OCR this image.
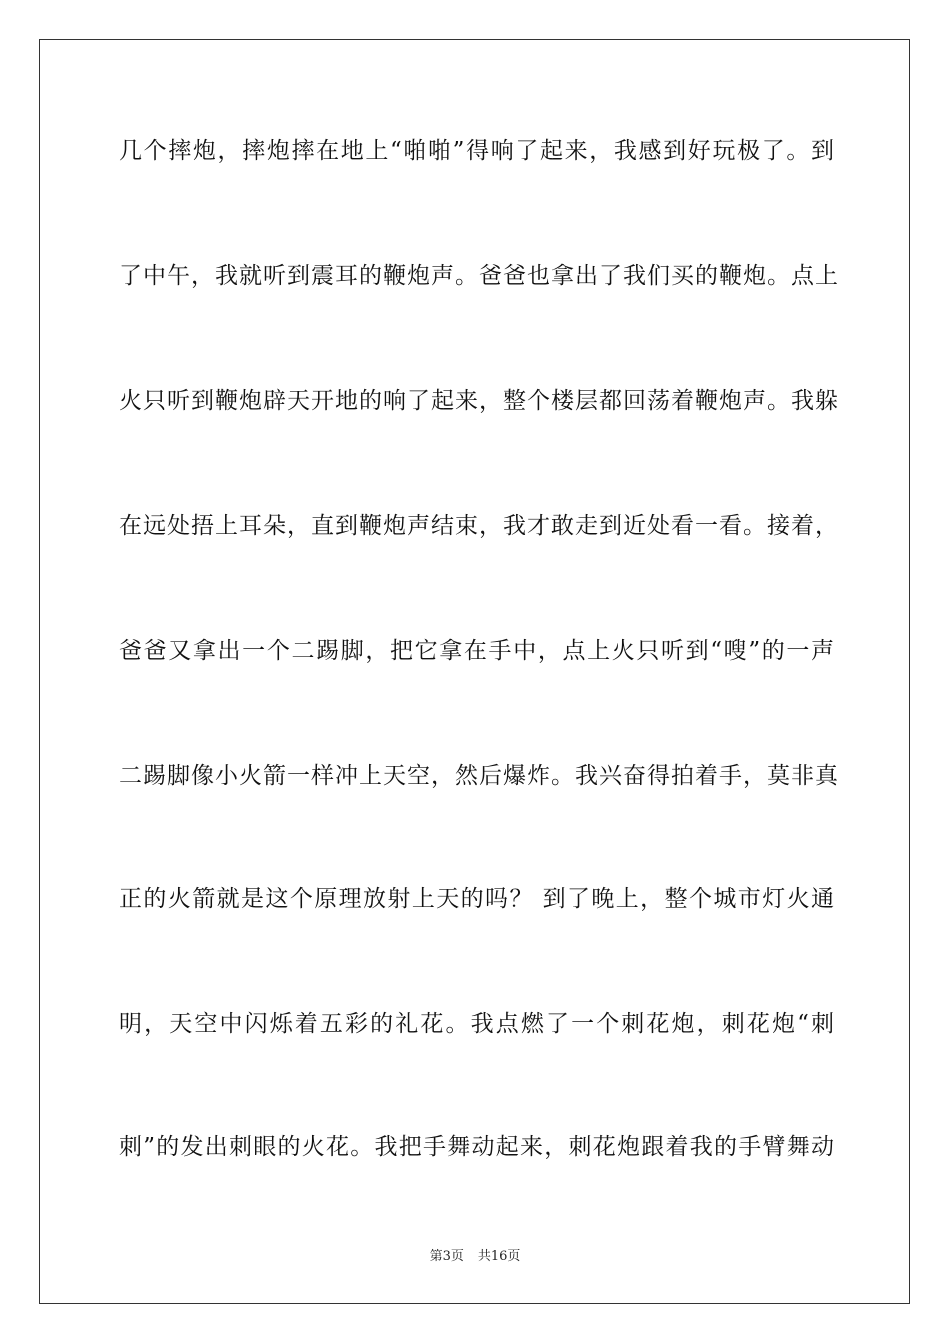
几个摔炮，摔炮摔在地上“啪啪”得响了起来，我感到好玩极了。到
了中午，我就听到震耳的鞭炮声。爸爸也拿出了我们买的鞭炮。点上
火只听到鞭炮辟天开地的响了起来，整个楼层都回荡着鞭炮声。我躲
在远处捂上耳朵，直到鞭炮声结束，我才敢走到近处看一看。接着，
爸爸又拿出一个二踢脚，把它拿在手中，点上火只听到“嗖”的一声
二踢脚像小火箭一样冲上天空，然后爆炸。我兴奋得拍着手，莫非真
正的火箭就是这个原理放射上天的吗？ 到了晚上，整个城市灯火通
明，天空中闪烁着五彩的礼花。我点燃了一个刺花炮，刺花炮“刺
刺”的发出刺眼的火花。我把手舞动起来，刺花炮跟着我的手臂舞动
第3页 共16页
